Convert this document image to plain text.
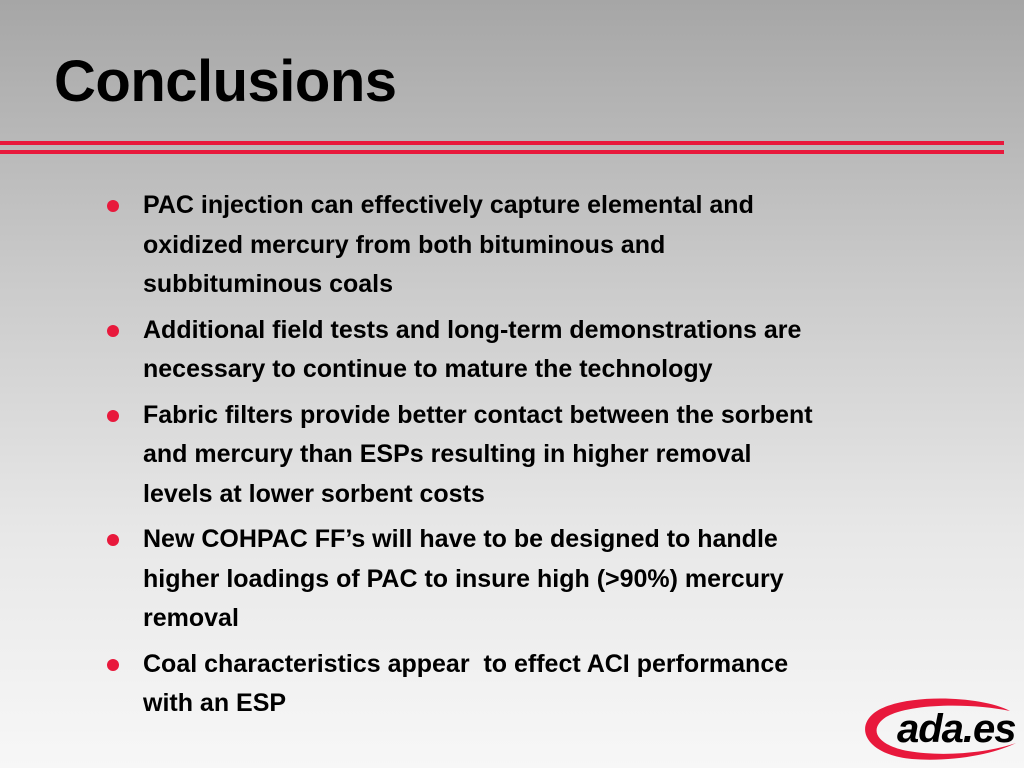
Conclusions
PAC injection can effectively capture elemental and
oxidized mercury from both bituminous and
subbituminous coals
Additional field tests and long-term demonstrations are
necessary to continue to mature the technology
Fabric filters provide better contact between the sorbent
and mercury than ESPs resulting in higher removal
levels at lower sorbent costs
New COHPAC FF’s will have to be designed to handle
higher loadings of PAC to insure high (>90%) mercury
removal
Coal characteristics appear  to effect ACI performance
with an ESP
ada.es
